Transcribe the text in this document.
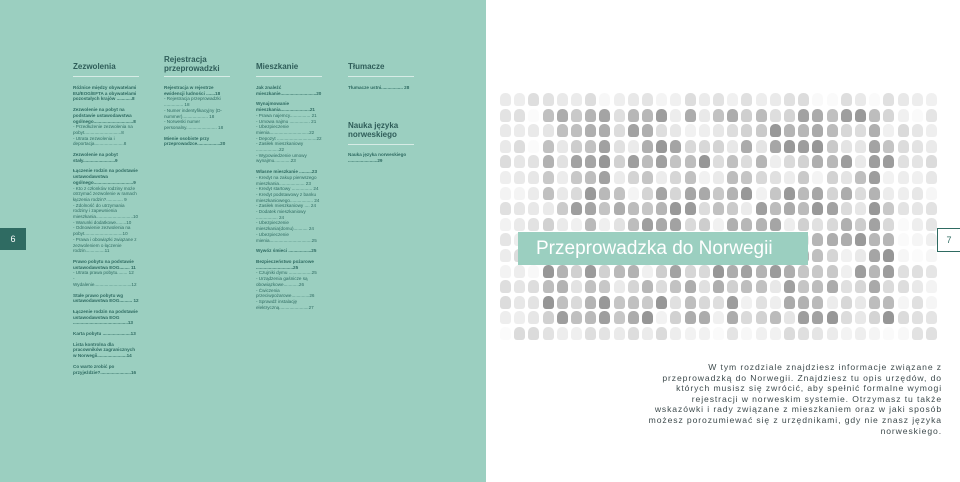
Zezwolenia
Różnice między obywatelami EU/EOG/EFTA a obywatelami pozostałych krajów ............8
Zezwolenie na pobyt na podstawie ustawodawstwa ogólnego...............................8
- Przedłużenie zezwolenia na pobyt.............................8
- Utrata zezwolenia i deportacja.......................8
Zezwolenie na pobyt stały.........................9
Łączenie rodzin na podstawie ustawodawstwa ogólnego...............................9
- Kto z członków rodziny może otrzymać zezwolenie w ramach łączenia rodzin?............. 9
- Zdolność do utrzymania rodziny i zapewnienia mieszkania.............................10
- Warunki dodatkowe........10
- Odnowienie zezwolenia na pobyt..............................10
- Prawa i obowiązki związane z zezwoleniem o łączenie rodzin...............11
Prawo pobytu na podstawie ustawodawstwa EOG........ 11
- Utrata prawa pobytu........ 12
- Wydalenie.............................12
Stałe prawo pobytu wg ustawodawstwa EOG.......... 12
Łączenie rodzin na podstawie ustawodawstwa EOG ...........................................13
Karta pobytu ......................13
Lista kontrolna dla pracowników zagranicznych w Norwegii.......................14
Co warto zrobić po przyjeździe?........................16
Rejestracja przeprowadzki
Rejestracja w rejestrze ewidencji ludności .......18
- Rejestracja przeprowadzki ............... 18
- Numer indentyfikacyjny (D-nummer).................... 18
- Norweski numer personalny........................ 18
Mienie osobiste przy przeprowadzce..................20
Mieszkanie
Jak znaleźć mieszkanie............................20
Wynajmowanie mieszkania.......................21
- Prawa najemcy................ 21
- Umowa najmu ................ 21
- Ubezpieczenie mienia...............................22
- Depozyt ...............................22
- Zasiłek mieszkaniowy ..................22
- Wypowiedzenie umowy wynajmu.............23
Własne mieszkanie ..........23
- Kredyt na zakup pierwszego mieszkania.................... 23
- Kredyt startowy ................ 24
- Kredyt podstawowy z banku mieszkaniowego.................. 24
- Zasiłek mieszkaniowy .... 24
- Dodatek mieszkaniowy ................. 24
- Ubezpieczenie mieszkania(domu)........... 24
- Ubezpieczenie mienia.................................25
Wywóz śmieci ..................25
Bezpieczeństwo pożarowe .............................25
- Czujniki dymu ..................25
- Urządzenia gaśnicze są obowiązkowe............26
- Ćwiczenia przeciwpożarowe..............26
- Sprawdź instalację elektryczną.......................27
Tłumacze
Tłumacze ustni................. 28
Nauka języka norweskiego
Nauka języka norweskiego .......................29
6	7
Przeprowadzka do Norwegii
W tym rozdziale znajdziesz informacje związane z przeprowadzką do Norwegii. Znajdziesz tu opis urzędów, do których musisz się zwrócić, aby spełnić formalne wymogi rejestracji w norweskim systemie. Otrzymasz tu także wskazówki i rady związane z mieszkaniem oraz w jaki sposób możesz porozumiewać się z urzędnikami, gdy nie znasz języka norweskiego.
